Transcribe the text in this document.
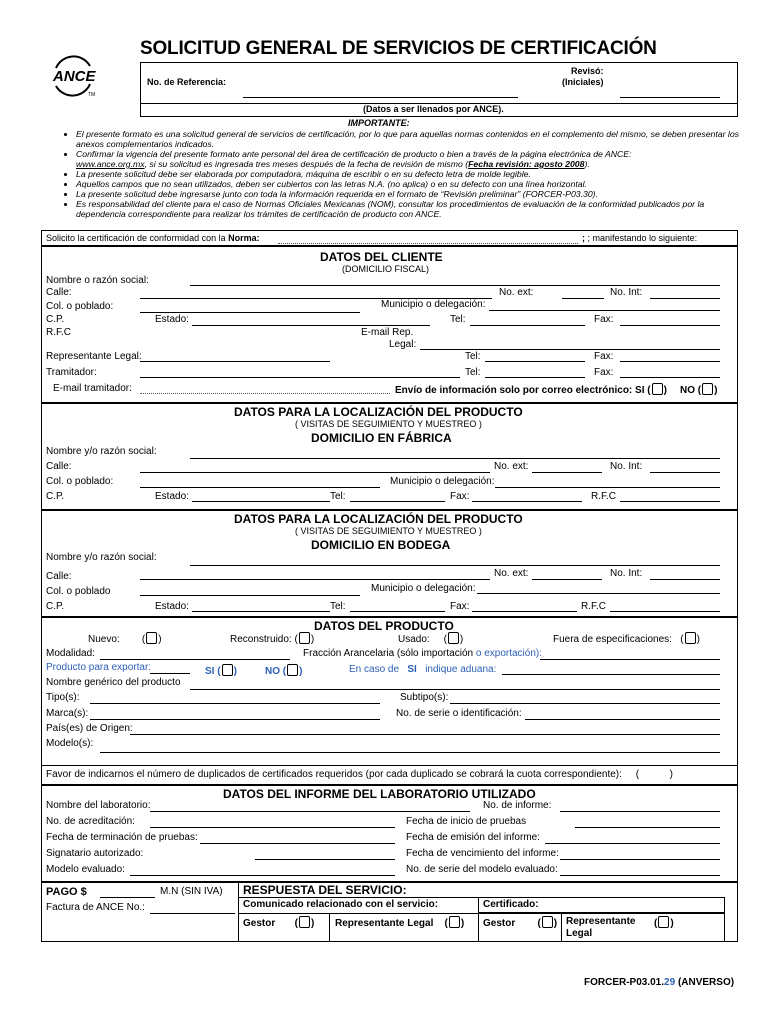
SOLICITUD GENERAL DE SERVICIOS DE CERTIFICACIÓN
ANCE
TM
No. de Referencia:
Revisó:
(Iniciales)
(Datos a ser llenados por ANCE).
IMPORTANTE:
• El presente formato es una solicitud general de servicios de certificación, por lo que para aquellas normas contenidos en el complemento del mismo, se deben presentar los anexos complementarios indicados.
• Confirmar la vigencia del presente formato ante personal del área de certificación de producto o bien a través de la página electrónica de ANCE:
www.ance.org.mx, si su solicitud es ingresada tres meses después de la fecha de revisión de mismo (Fecha revisión: agosto 2008).
• La presente solicitud debe ser elaborada por computadora, máquina de escribir o en su defecto letra de molde legible.
• Aquellos campos que no sean utilizados, deben ser cubiertos con las letras N.A. (no aplica) o en su defecto con una línea horizontal.
• La presente solicitud debe ingresarse junto con toda la información requerida en el formato de “Revisión preliminar” (FORCER-P03.30).
• Es responsabilidad del cliente para el caso de Normas Oficiales Mexicanas (NOM), consultar los procedimientos de evaluación de la conformidad publicados por la dependencia correspondiente para realizar los trámites de certificación de producto con ANCE.
Solicito la certificación de conformidad con la Norma:	; ; manifestando lo siguiente:
DATOS DEL CLIENTE
(DOMICILIO FISCAL)
Nombre o razón social:
Calle:	No. ext:	No. Int:
Col. o poblado:	Municipio o delegación:
C.P.	Estado:	Tel:	Fax:
R.F.C	E-mail Rep.
Legal:
Representante Legal:	Tel:	Fax:
Tramitador:	Tel:	Fax:
E-mail tramitador:	Envío de información solo por correo electrónico: SI ( ) NO ( )
DATOS PARA LA LOCALIZACIÓN DEL PRODUCTO
( VISITAS DE SEGUIMIENTO Y MUESTREO )
DOMICILIO EN FÁBRICA
Nombre y/o razón social:
Calle:	No. ext:	No. Int:
Col. o poblado:	Municipio o delegación:
C.P.	Estado:	Tel:	Fax:	R.F.C
DATOS PARA LA LOCALIZACIÓN DEL PRODUCTO
( VISITAS DE SEGUIMIENTO Y MUESTREO )
DOMICILIO EN BODEGA
Nombre y/o razón social:
Calle:	No. ext:	No. Int:
Col. o poblado	Municipio o delegación:
C.P.	Estado:	Tel:	Fax:	R.F.C
DATOS DEL PRODUCTO
Nuevo:        ( )	Reconstruido: ( )	Usado:     ( )	Fuera de especificaciones:   ( )
Modalidad:	Fracción Arancelaria (sólo importación o exportación):
Producto para exportar:	SI ( )	NO ( )	En caso de SI indique aduana:
Nombre genérico del producto
Tipo(s):	Subtipo(s):
Marca(s):	No. de serie o identificación:
País(es) de Origen:
Modelo(s):
Favor de indicarnos el número de duplicados de certificados requeridos (por cada duplicado se cobrará la cuota correspondiente):     (           )
DATOS DEL INFORME DEL LABORATORIO UTILIZADO
Nombre del laboratorio:	No. de informe:
No. de acreditación:	Fecha de inicio de pruebas
Fecha de terminación de pruebas:	Fecha de emisión del informe:
Signatario autorizado:	Fecha de vencimiento del informe:
Modelo evaluado:	No. de serie del modelo evaluado:
PAGO $	M.N (SIN IVA)
Factura de ANCE No.:
RESPUESTA DEL SERVICIO:
Comunicado relacionado con el servicio:	Certificado:
Gestor       ( ) Representante Legal    ( ) Gestor        ( ) Representante
Legal
( )
FORCER-P03.01.29 (ANVERSO)
